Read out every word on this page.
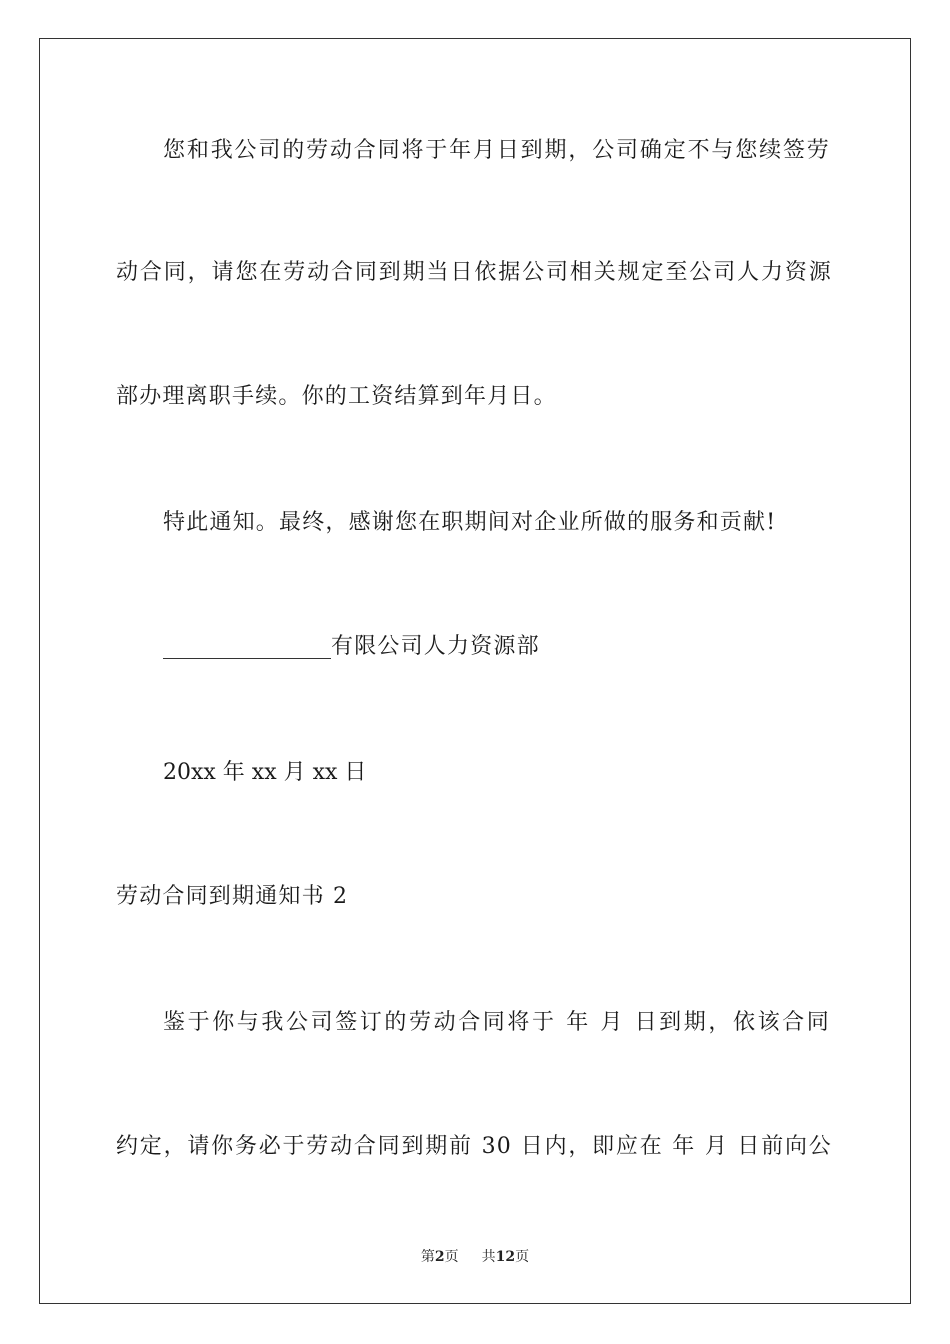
您和我公司的劳动合同将于年月日到期，公司确定不与您续签劳
动合同，请您在劳动合同到期当日依据公司相关规定至公司人力资源
部办理离职手续。你的工资结算到年月日。
特此通知。最终，感谢您在职期间对企业所做的服务和贡献!
有限公司人力资源部
20xx 年 xx 月 xx 日
劳动合同到期通知书 2
鉴于你与我公司签订的劳动合同将于 年 月 日到期，依该合同
约定，请你务必于劳动合同到期前 30 日内，即应在 年 月 日前向公
第2页 共12页
